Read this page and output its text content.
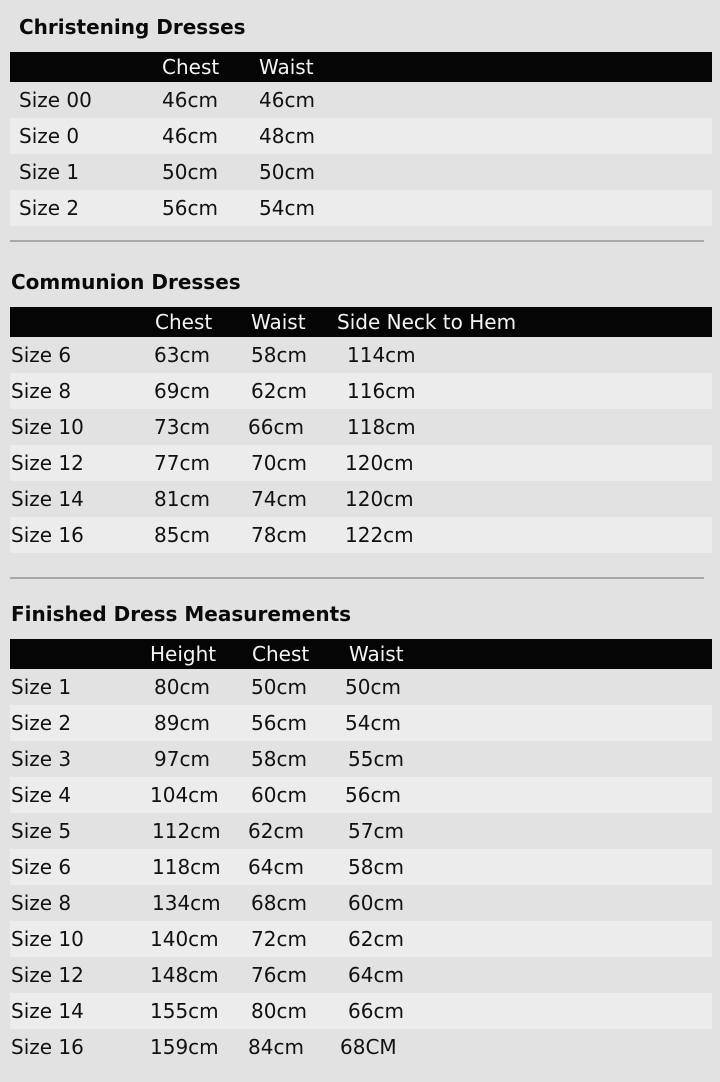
Christening Dresses
Chest Waist
Size 00	46cm 46cm
Size 0	46cm 48cm
Size 1	50cm 50cm
Size 2	56cm 54cm
Communion Dresses
Chest Waist Side Neck to Hem
Size 6	63cm 58cm 114cm
Size 8	69cm 62cm 116cm
Size 10	73cm 66cm 118cm
Size 12	77cm 70cm 120cm
Size 14	81cm 74cm 120cm
Size 16	85cm 78cm 122cm
Finished Dress Measurements
Height Chest Waist
Size 1	80cm 50cm 50cm
Size 2	89cm 56cm 54cm
Size 3	97cm 58cm 55cm
Size 4	104cm 60cm 56cm
Size 5	112cm 62cm 57cm
Size 6	118cm 64cm 58cm
Size 8	134cm 68cm 60cm
Size 10	140cm 72cm 62cm
Size 12	148cm 76cm 64cm
Size 14	155cm 80cm 66cm
Size 16	159cm 84cm 68CM
